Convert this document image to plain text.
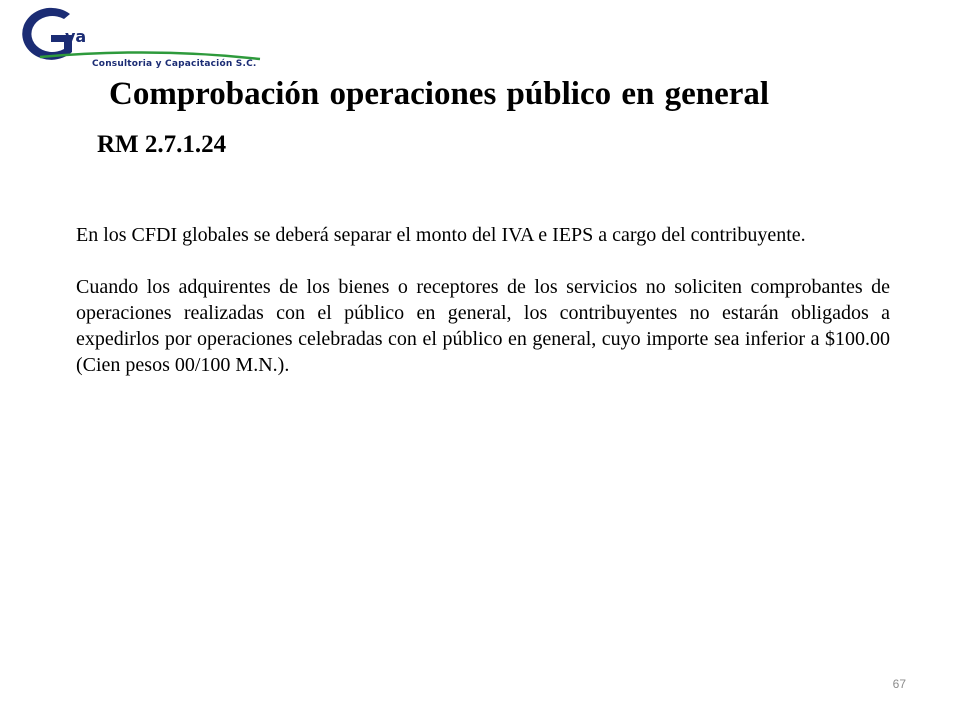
va
Consultoria y Capacitación S.C.
Comprobación operaciones público en general
RM 2.7.1.24

En los CFDI globales se deberá separar el monto del IVA e IEPS a cargo del contribuyente.

Cuando los adquirentes de los bienes o receptores de los servicios no soliciten comprobantes de operaciones realizadas con el público en general, los contribuyentes no estarán obligados a expedirlos por operaciones celebradas con el público en general, cuyo importe sea inferior a $100.00 (Cien pesos 00/100 M.N.).

67
